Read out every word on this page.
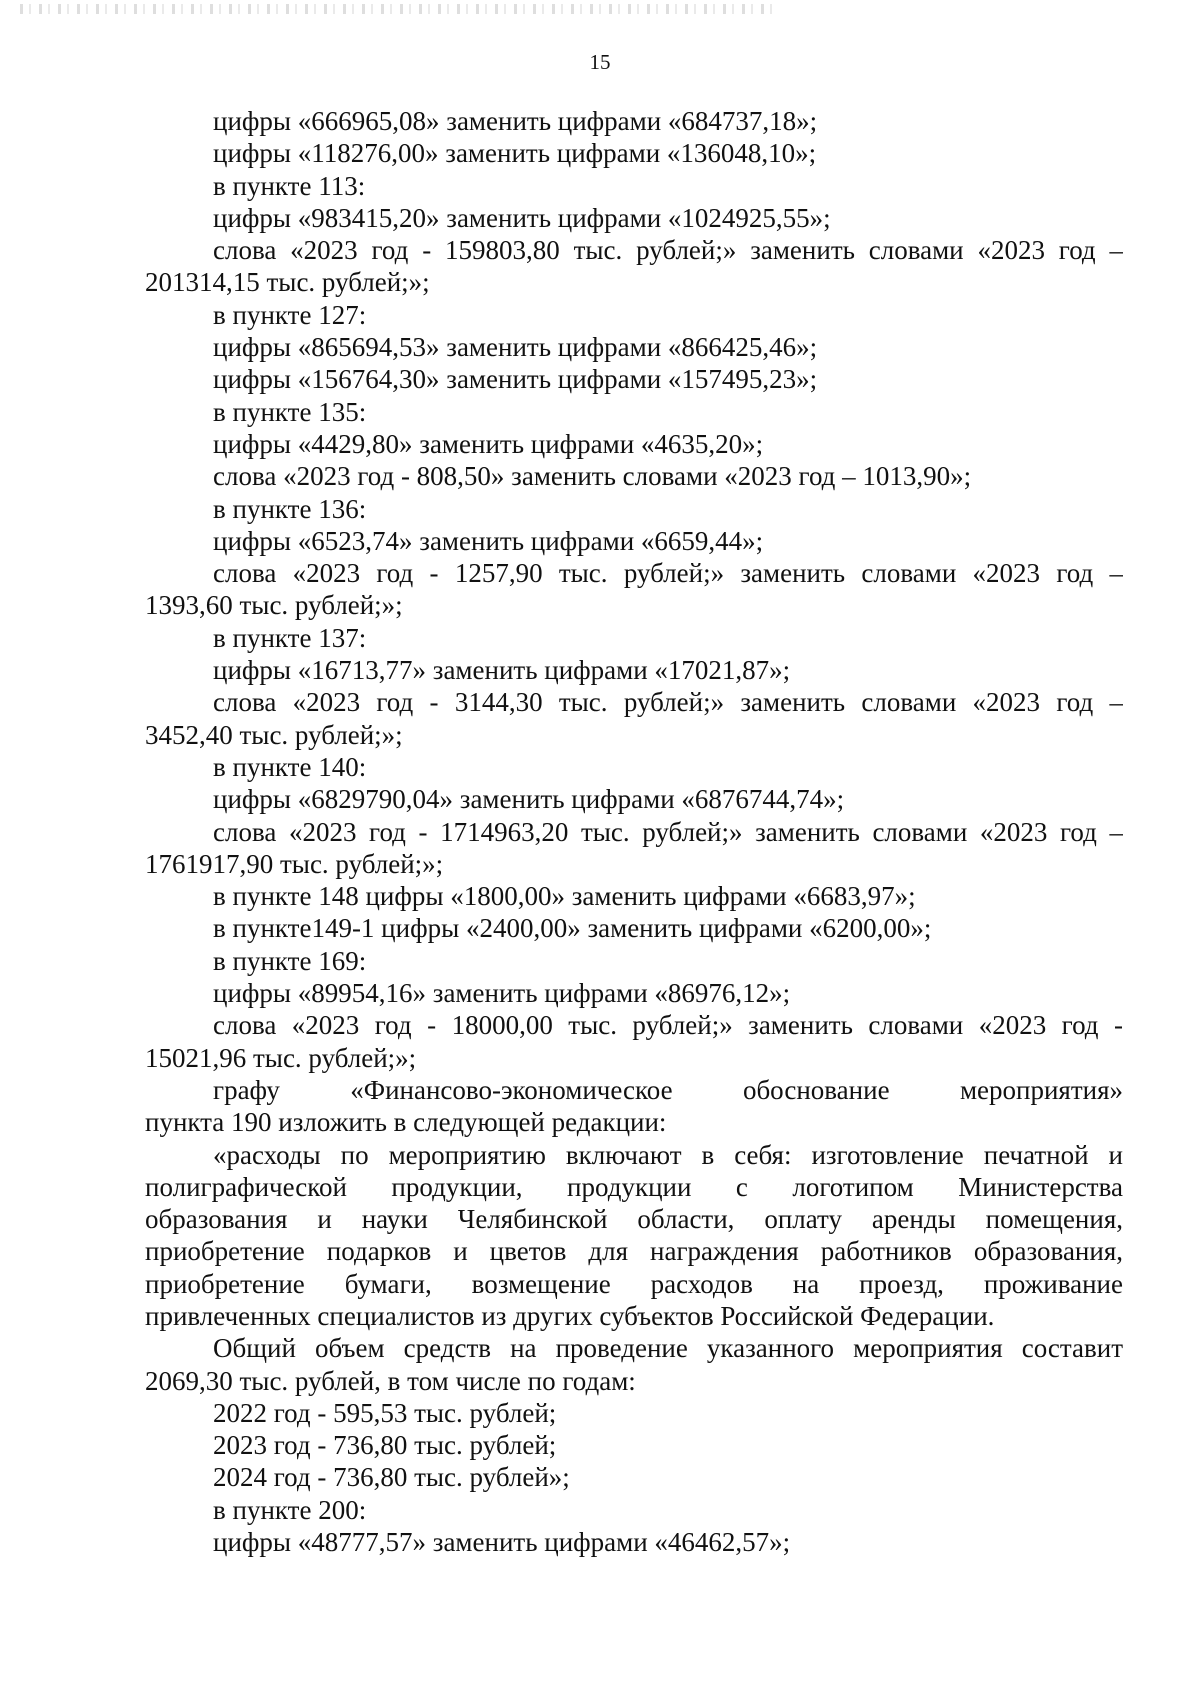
15
цифры «666965,08» заменить цифрами «684737,18»;
цифры «118276,00» заменить цифрами «136048,10»;
в пункте 113:
цифры «983415,20» заменить цифрами «1024925,55»;
слова «2023 год - 159803,80 тыс. рублей;» заменить словами «2023 год –
201314,15 тыс. рублей;»;
в пункте 127:
цифры «865694,53» заменить цифрами «866425,46»;
цифры «156764,30» заменить цифрами «157495,23»;
в пункте 135:
цифры «4429,80» заменить цифрами «4635,20»;
слова «2023 год - 808,50» заменить словами «2023 год – 1013,90»;
в пункте 136:
цифры «6523,74» заменить цифрами «6659,44»;
слова «2023 год - 1257,90 тыс. рублей;» заменить словами «2023 год –
1393,60 тыс. рублей;»;
в пункте 137:
цифры «16713,77» заменить цифрами «17021,87»;
слова «2023 год - 3144,30 тыс. рублей;» заменить словами «2023 год –
3452,40 тыс. рублей;»;
в пункте 140:
цифры «6829790,04» заменить цифрами «6876744,74»;
слова «2023 год - 1714963,20 тыс. рублей;» заменить словами «2023 год –
1761917,90 тыс. рублей;»;
в пункте 148 цифры «1800,00» заменить цифрами «6683,97»;
в пункте149-1 цифры «2400,00» заменить цифрами «6200,00»;
в пункте 169:
цифры «89954,16» заменить цифрами «86976,12»;
слова «2023 год - 18000,00 тыс. рублей;» заменить словами «2023 год -
15021,96 тыс. рублей;»;
графу «Финансово-экономическое обоснование мероприятия»
пункта 190 изложить в следующей редакции:
«расходы по мероприятию включают в себя: изготовление печатной и
полиграфической продукции, продукции с логотипом Министерства
образования и науки Челябинской области, оплату аренды помещения,
приобретение подарков и цветов для награждения работников образования,
приобретение бумаги, возмещение расходов на проезд, проживание
привлеченных специалистов из других субъектов Российской Федерации.
Общий объем средств на проведение указанного мероприятия составит
2069,30 тыс. рублей, в том числе по годам:
2022 год - 595,53 тыс. рублей;
2023 год - 736,80 тыс. рублей;
2024 год - 736,80 тыс. рублей»;
в пункте 200:
цифры «48777,57» заменить цифрами «46462,57»;
